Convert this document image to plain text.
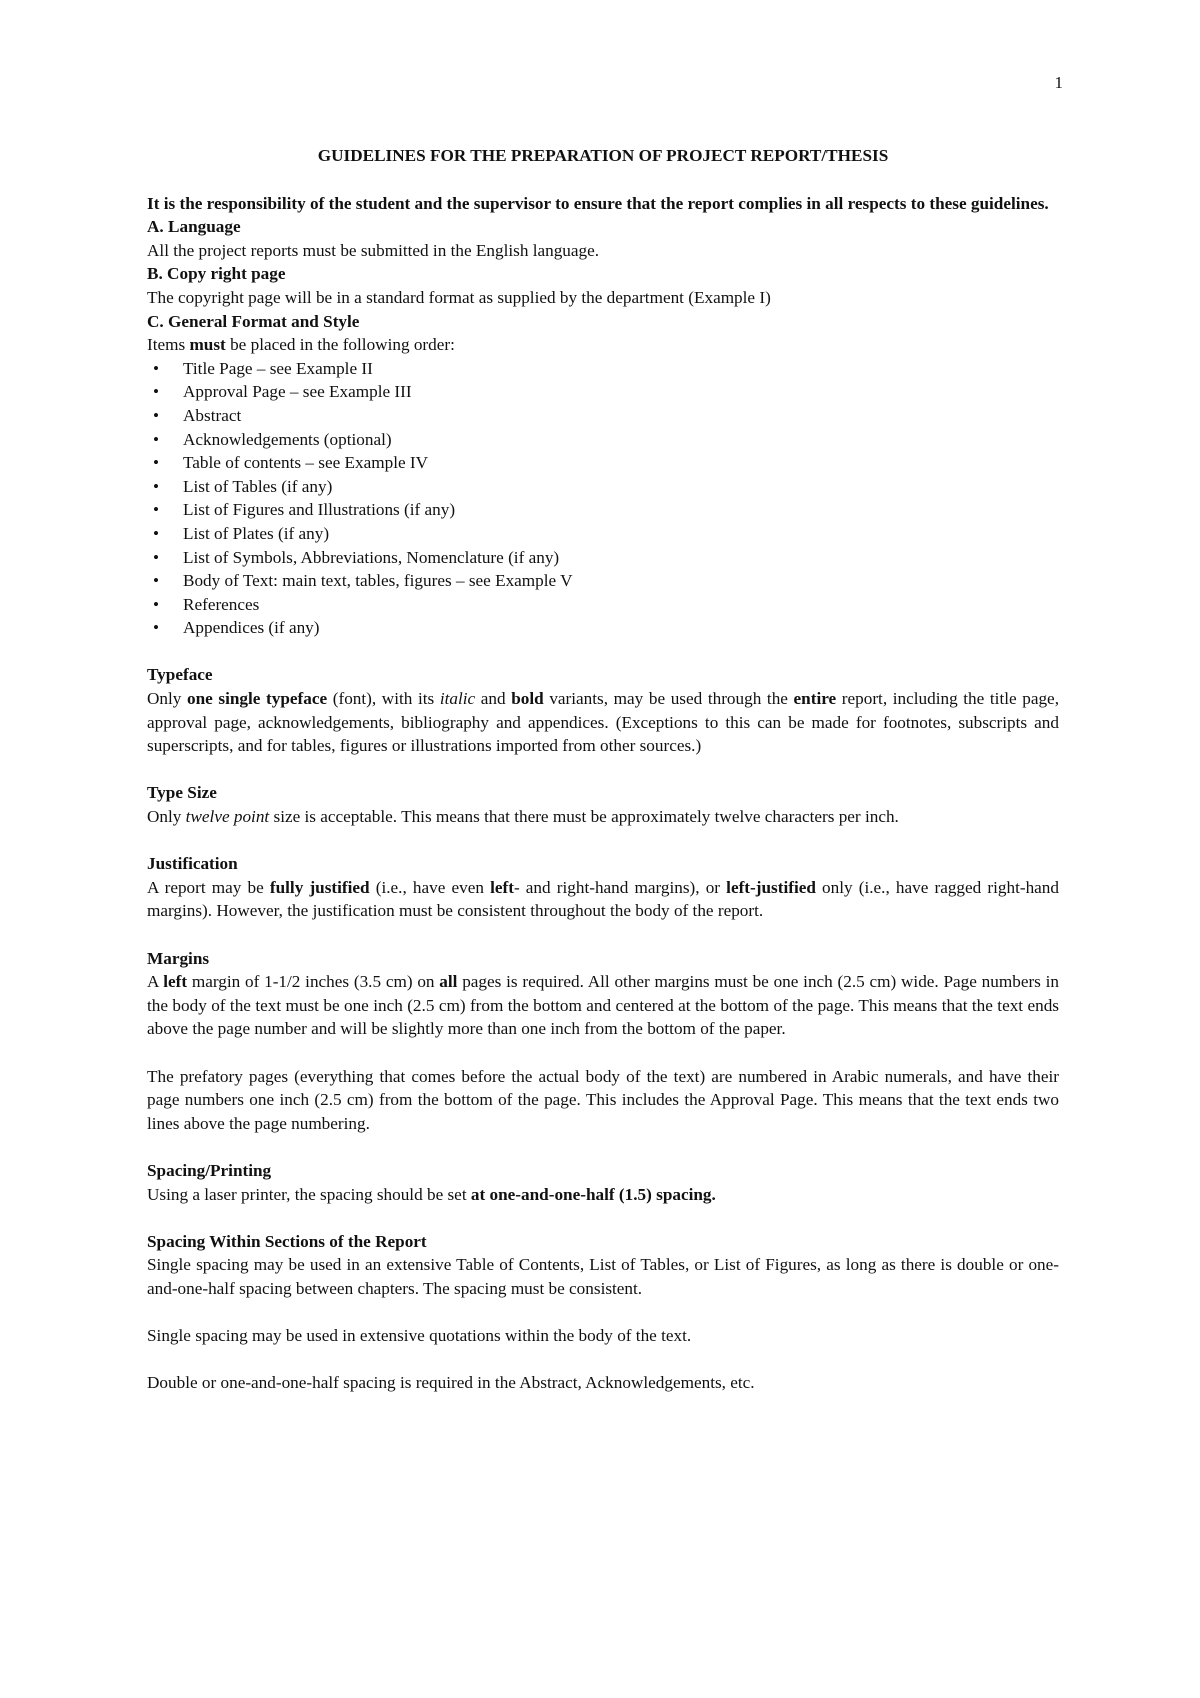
1
GUIDELINES FOR THE PREPARATION OF PROJECT REPORT/THESIS

It is the responsibility of the student and the supervisor to ensure that the report complies in all respects to these guidelines.

A. Language

All the project reports must be submitted in the English language.

B. Copy right page

The copyright page will be in a standard format as supplied by the department (Example I)

C. General Format and Style

Items must be placed in the following order:

• Title Page – see Example II
• Approval Page – see Example III
• Abstract
• Acknowledgements (optional)
• Table of contents – see Example IV
• List of Tables (if any)
• List of Figures and Illustrations (if any)
• List of Plates (if any)
• List of Symbols, Abbreviations, Nomenclature (if any)
• Body of Text: main text, tables, figures – see Example V
• References
• Appendices (if any)
Typeface

Only one single typeface (font), with its italic and bold variants, may be used through the entire report, including the title page, approval page, acknowledgements, bibliography and appendices. (Exceptions to this can be made for footnotes, subscripts and superscripts, and for tables, figures or illustrations imported from other sources.)

Type Size

Only twelve point size is acceptable. This means that there must be approximately twelve characters per inch.

Justification

A report may be fully justified (i.e., have even left- and right-hand margins), or left-justified only (i.e., have ragged right-hand margins). However, the justification must be consistent throughout the body of the report.

Margins

A left margin of 1-1/2 inches (3.5 cm) on all pages is required. All other margins must be one inch (2.5 cm) wide. Page numbers in the body of the text must be one inch (2.5 cm) from the bottom and centered at the bottom of the page. This means that the text ends above the page number and will be slightly more than one inch from the bottom of the paper.

The prefatory pages (everything that comes before the actual body of the text) are numbered in Arabic numerals, and have their page numbers one inch (2.5 cm) from the bottom of the page. This includes the Approval Page. This means that the text ends two lines above the page numbering.

Spacing/Printing

Using a laser printer, the spacing should be set at one-and-one-half (1.5) spacing.

Spacing Within Sections of the Report

Single spacing may be used in an extensive Table of Contents, List of Tables, or List of Figures, as long as there is double or one-and-one-half spacing between chapters. The spacing must be consistent.

Single spacing may be used in extensive quotations within the body of the text.

Double or one-and-one-half spacing is required in the Abstract, Acknowledgements, etc.
